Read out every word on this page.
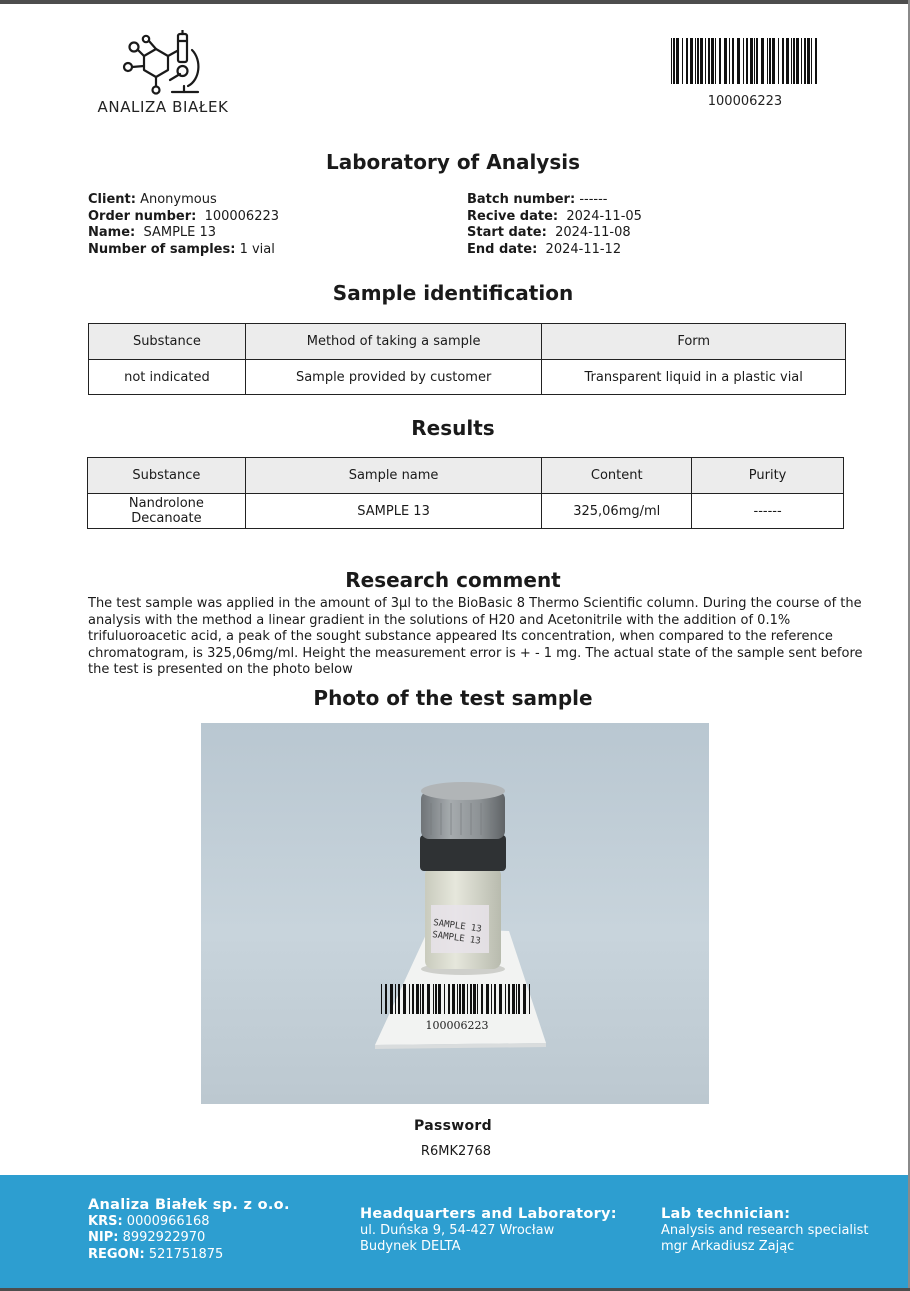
ANALIZA BIAŁEK	100006223
Laboratory of Analysis
Client: Anonymous
Order number: 100006223
Name: SAMPLE 13
Number of samples: 1 vial
Batch number: ------
Recive date: 2024-11-05
Start date: 2024-11-08
End date: 2024-11-12
Sample identification
Substance	Method of taking a sample	Form
not indicated	Sample provided by customer	Transparent liquid in a plastic vial
Results
Substance	Sample name	Content	Purity
Nandrolone Decanoate	SAMPLE 13	325,06mg/ml	------
Research comment
The test sample was applied in the amount of 3µl to the BioBasic 8 Thermo Scientific column. During the course of the analysis with the method a linear gradient in the solutions of H20 and Acetonitrile with the addition of 0.1% trifuluoroacetic acid, a peak of the sought substance appeared Its concentration, when compared to the reference chromatogram, is 325,06mg/ml. Height the measurement error is + - 1 mg. The actual state of the sample sent before the test is presented on the photo below
Photo of the test sample
SAMPLE 13
SAMPLE 13
100006223
Password
R6MK2768
Analiza Białek sp. z o.o.
KRS: 0000966168
NIP: 8992922970
REGON: 521751875
Headquarters and Laboratory:
ul. Duńska 9, 54-427 Wrocław
Budynek DELTA
Lab technician:
Analysis and research specialist
mgr Arkadiusz Zając
